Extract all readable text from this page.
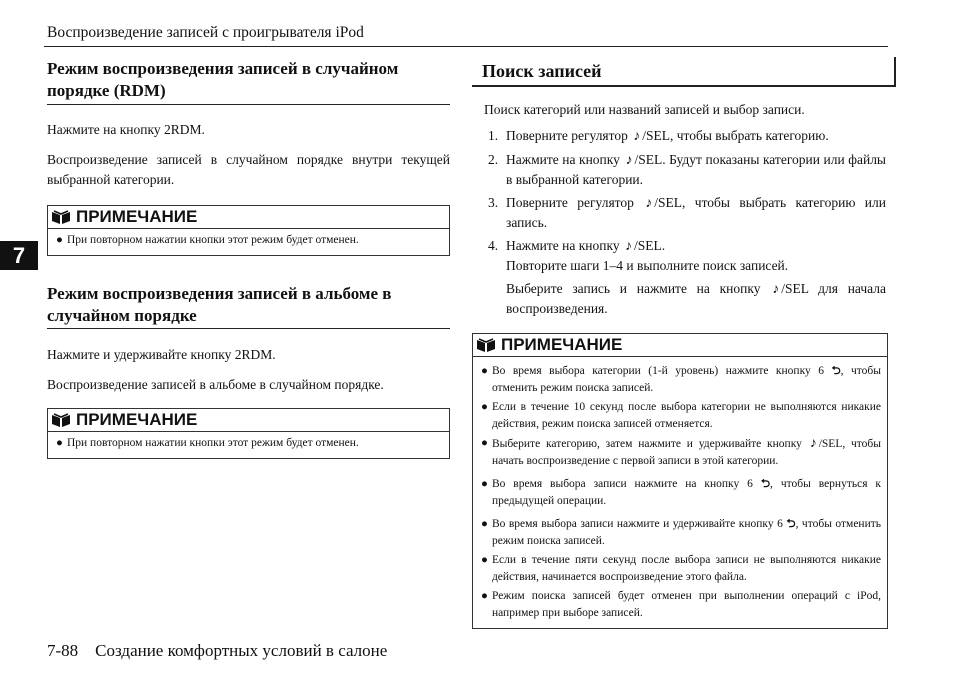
Воспроизведение записей с проигрывателя iPod
7
Режим воспроизведения записей в случайном порядке (RDM)
Нажмите на кнопку 2RDM.
Воспроизведение записей в случайном порядке внутри текущей выбранной категории.
ПРИМЕЧАНИЕ
● При повторном нажатии кнопки этот режим будет отменен.
Режим воспроизведения записей в альбоме в случайном порядке
Нажмите и удерживайте кнопку 2RDM.
Воспроизведение записей в альбоме в случайном порядке.
ПРИМЕЧАНИЕ
● При повторном нажатии кнопки этот режим будет отменен.
Поиск записей
Поиск категорий или названий записей и выбор записи.
1. Поверните регулятор ♪ /SEL, чтобы выбрать категорию.
2. Нажмите на кнопку ♪ /SEL. Будут показаны категории или файлы в выбранной категории.
3. Поверните регулятор ♪ /SEL, чтобы выбрать категорию или запись.
4. Нажмите на кнопку ♪ /SEL.
Повторите шаги 1–4 и выполните поиск записей.

Выберите запись и нажмите на кнопку ♪ /SEL для начала воспроизведения.
ПРИМЕЧАНИЕ
● Во время выбора категории (1-й уровень) нажмите кнопку 6 ⮌, чтобы отменить режим поиска записей.
● Если в течение 10 секунд после выбора категории не выполняются никакие действия, режим поиска записей отменяется.
● Выберите категорию, затем нажмите и удерживайте кнопку ♪ /SEL, чтобы начать воспроизведение с первой записи в этой категории.
● Во время выбора записи нажмите на кнопку 6 ⮌, чтобы вернуться к предыдущей операции.
● Во время выбора записи нажмите и удерживайте кнопку 6 ⮌, чтобы отменить режим поиска записей.
● Если в течение пяти секунд после выбора записи не выполняются никакие действия, начинается воспроизведение этого файла.
● Режим поиска записей будет отменен при выполнении операций с iPod, например при выборе записей.
7-88 Создание комфортных условий в салоне
